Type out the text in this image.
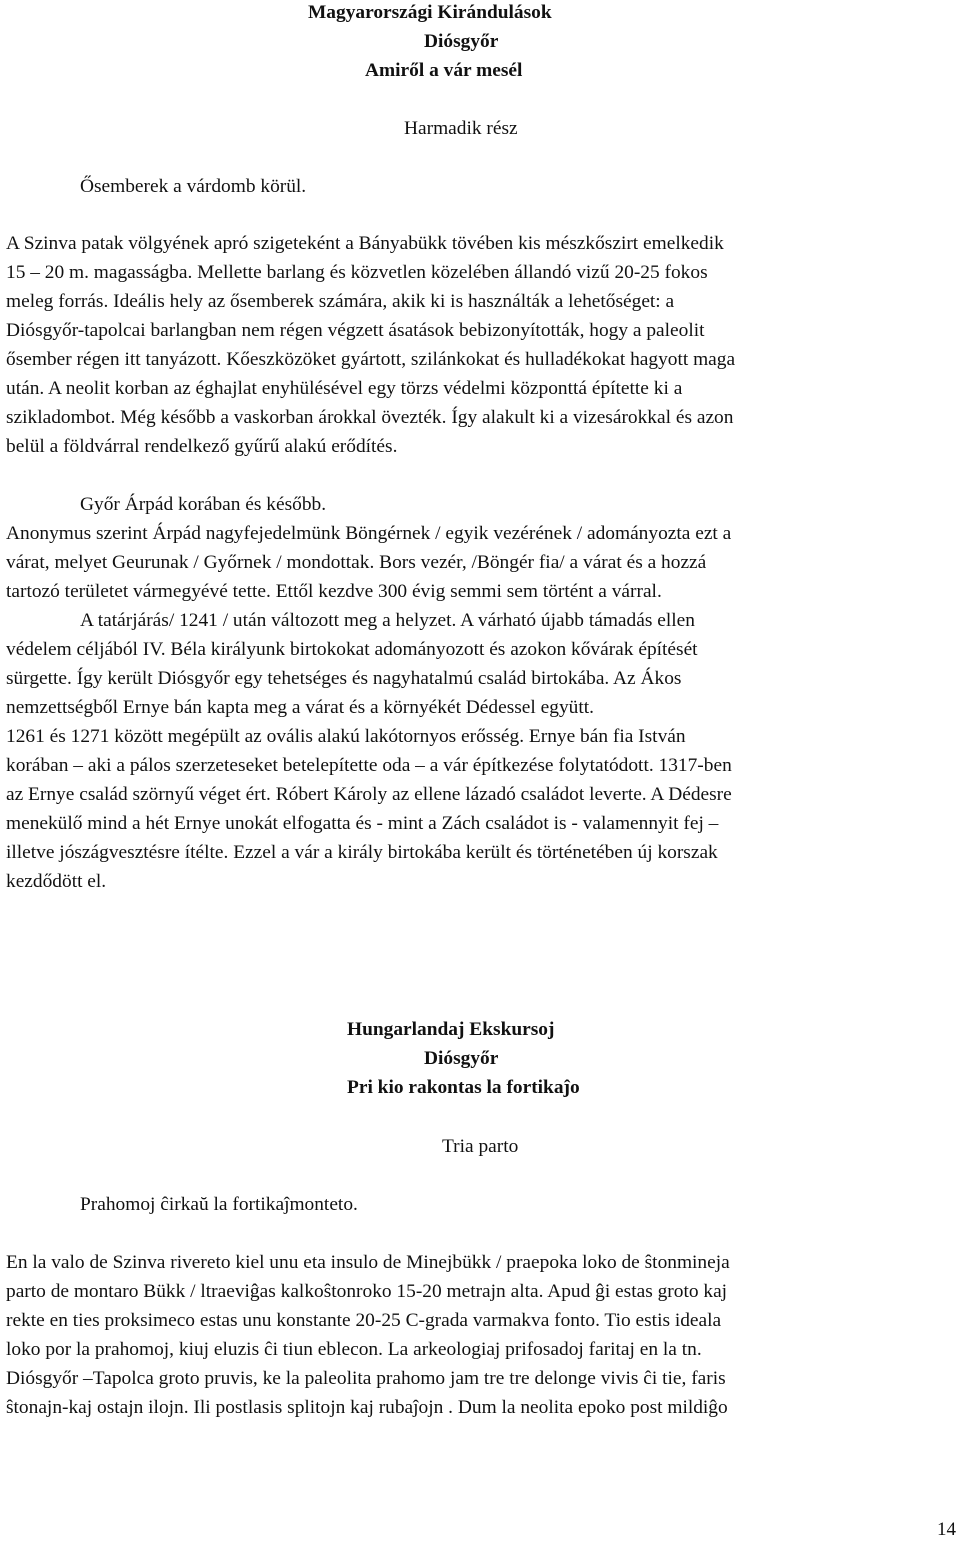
Magyarországi Kirándulások
Diósgyőr
Amiről a vár mesél
Harmadik rész
Ősemberek a várdomb körül.
A Szinva patak völgyének apró szigeteként a Bányabükk tövében kis mészkőszirt emelkedik
15 – 20 m. magasságba. Mellette barlang és közvetlen közelében állandó vizű 20-25 fokos
meleg forrás. Ideális hely az ősemberek számára, akik ki is használták a lehetőséget: a
Diósgyőr-tapolcai barlangban nem régen végzett ásatások bebizonyították, hogy a paleolit
ősember régen itt tanyázott. Kőeszközöket gyártott, szilánkokat és hulladékokat hagyott maga
után. A neolit korban az éghajlat enyhülésével egy törzs védelmi központtá építette ki a
szikladombot. Még később a vaskorban árokkal övezték. Így alakult ki a vizesárokkal és azon
belül a földvárral rendelkező gyűrű alakú erődítés.
Győr Árpád korában és később.
Anonymus szerint Árpád nagyfejedelmünk Böngérnek / egyik vezérének / adományozta ezt a
várat, melyet Geurunak / Győrnek / mondottak. Bors vezér, /Böngér fia/ a várat és a hozzá
tartozó területet vármegyévé tette. Ettől kezdve 300 évig semmi sem történt a várral.
A tatárjárás/ 1241 / után változott meg a helyzet. A várható újabb támadás ellen
védelem céljából IV. Béla királyunk birtokokat adományozott és azokon kővárak építését
sürgette. Így került Diósgyőr egy tehetséges és nagyhatalmú család birtokába. Az Ákos
nemzettségből Ernye bán kapta meg a várat és a környékét Dédessel együtt.
1261 és 1271 között megépült az ovális alakú lakótornyos erősség. Ernye bán fia István
korában – aki a pálos szerzeteseket betelepítette oda – a vár építkezése folytatódott. 1317-ben
az Ernye család szörnyű véget ért. Róbert Károly az ellene lázadó családot leverte. A Dédesre
menekülő mind a hét Ernye unokát elfogatta és - mint a Zách családot is - valamennyit fej –
illetve jószágvesztésre ítélte. Ezzel a vár a király birtokába került és történetében új korszak
kezdődött el.
Hungarlandaj Ekskursoj
Diósgyőr
Pri kio rakontas la fortikaĵo
Tria parto
Prahomoj ĉirkaŭ la fortikaĵmonteto.
En la valo de Szinva rivereto kiel unu eta insulo de Minejbükk / praepoka loko de ŝtonmineja
parto de montaro Bükk / ltraeviĝas kalkoŝtonroko 15-20 metrajn alta. Apud ĝi estas groto kaj
rekte en ties proksimeco estas unu konstante 20-25 C-grada varmakva fonto. Tio estis ideala
loko por la prahomoj, kiuj eluzis ĉi tiun eblecon. La arkeologiaj prifosadoj faritaj en la tn.
Diósgyőr –Tapolca groto pruvis, ke la paleolita prahomo jam tre tre delonge vivis ĉi tie, faris
ŝtonajn-kaj ostajn ilojn. Ili postlasis splitojn kaj rubaĵojn . Dum la neolita epoko post mildiĝo
14
